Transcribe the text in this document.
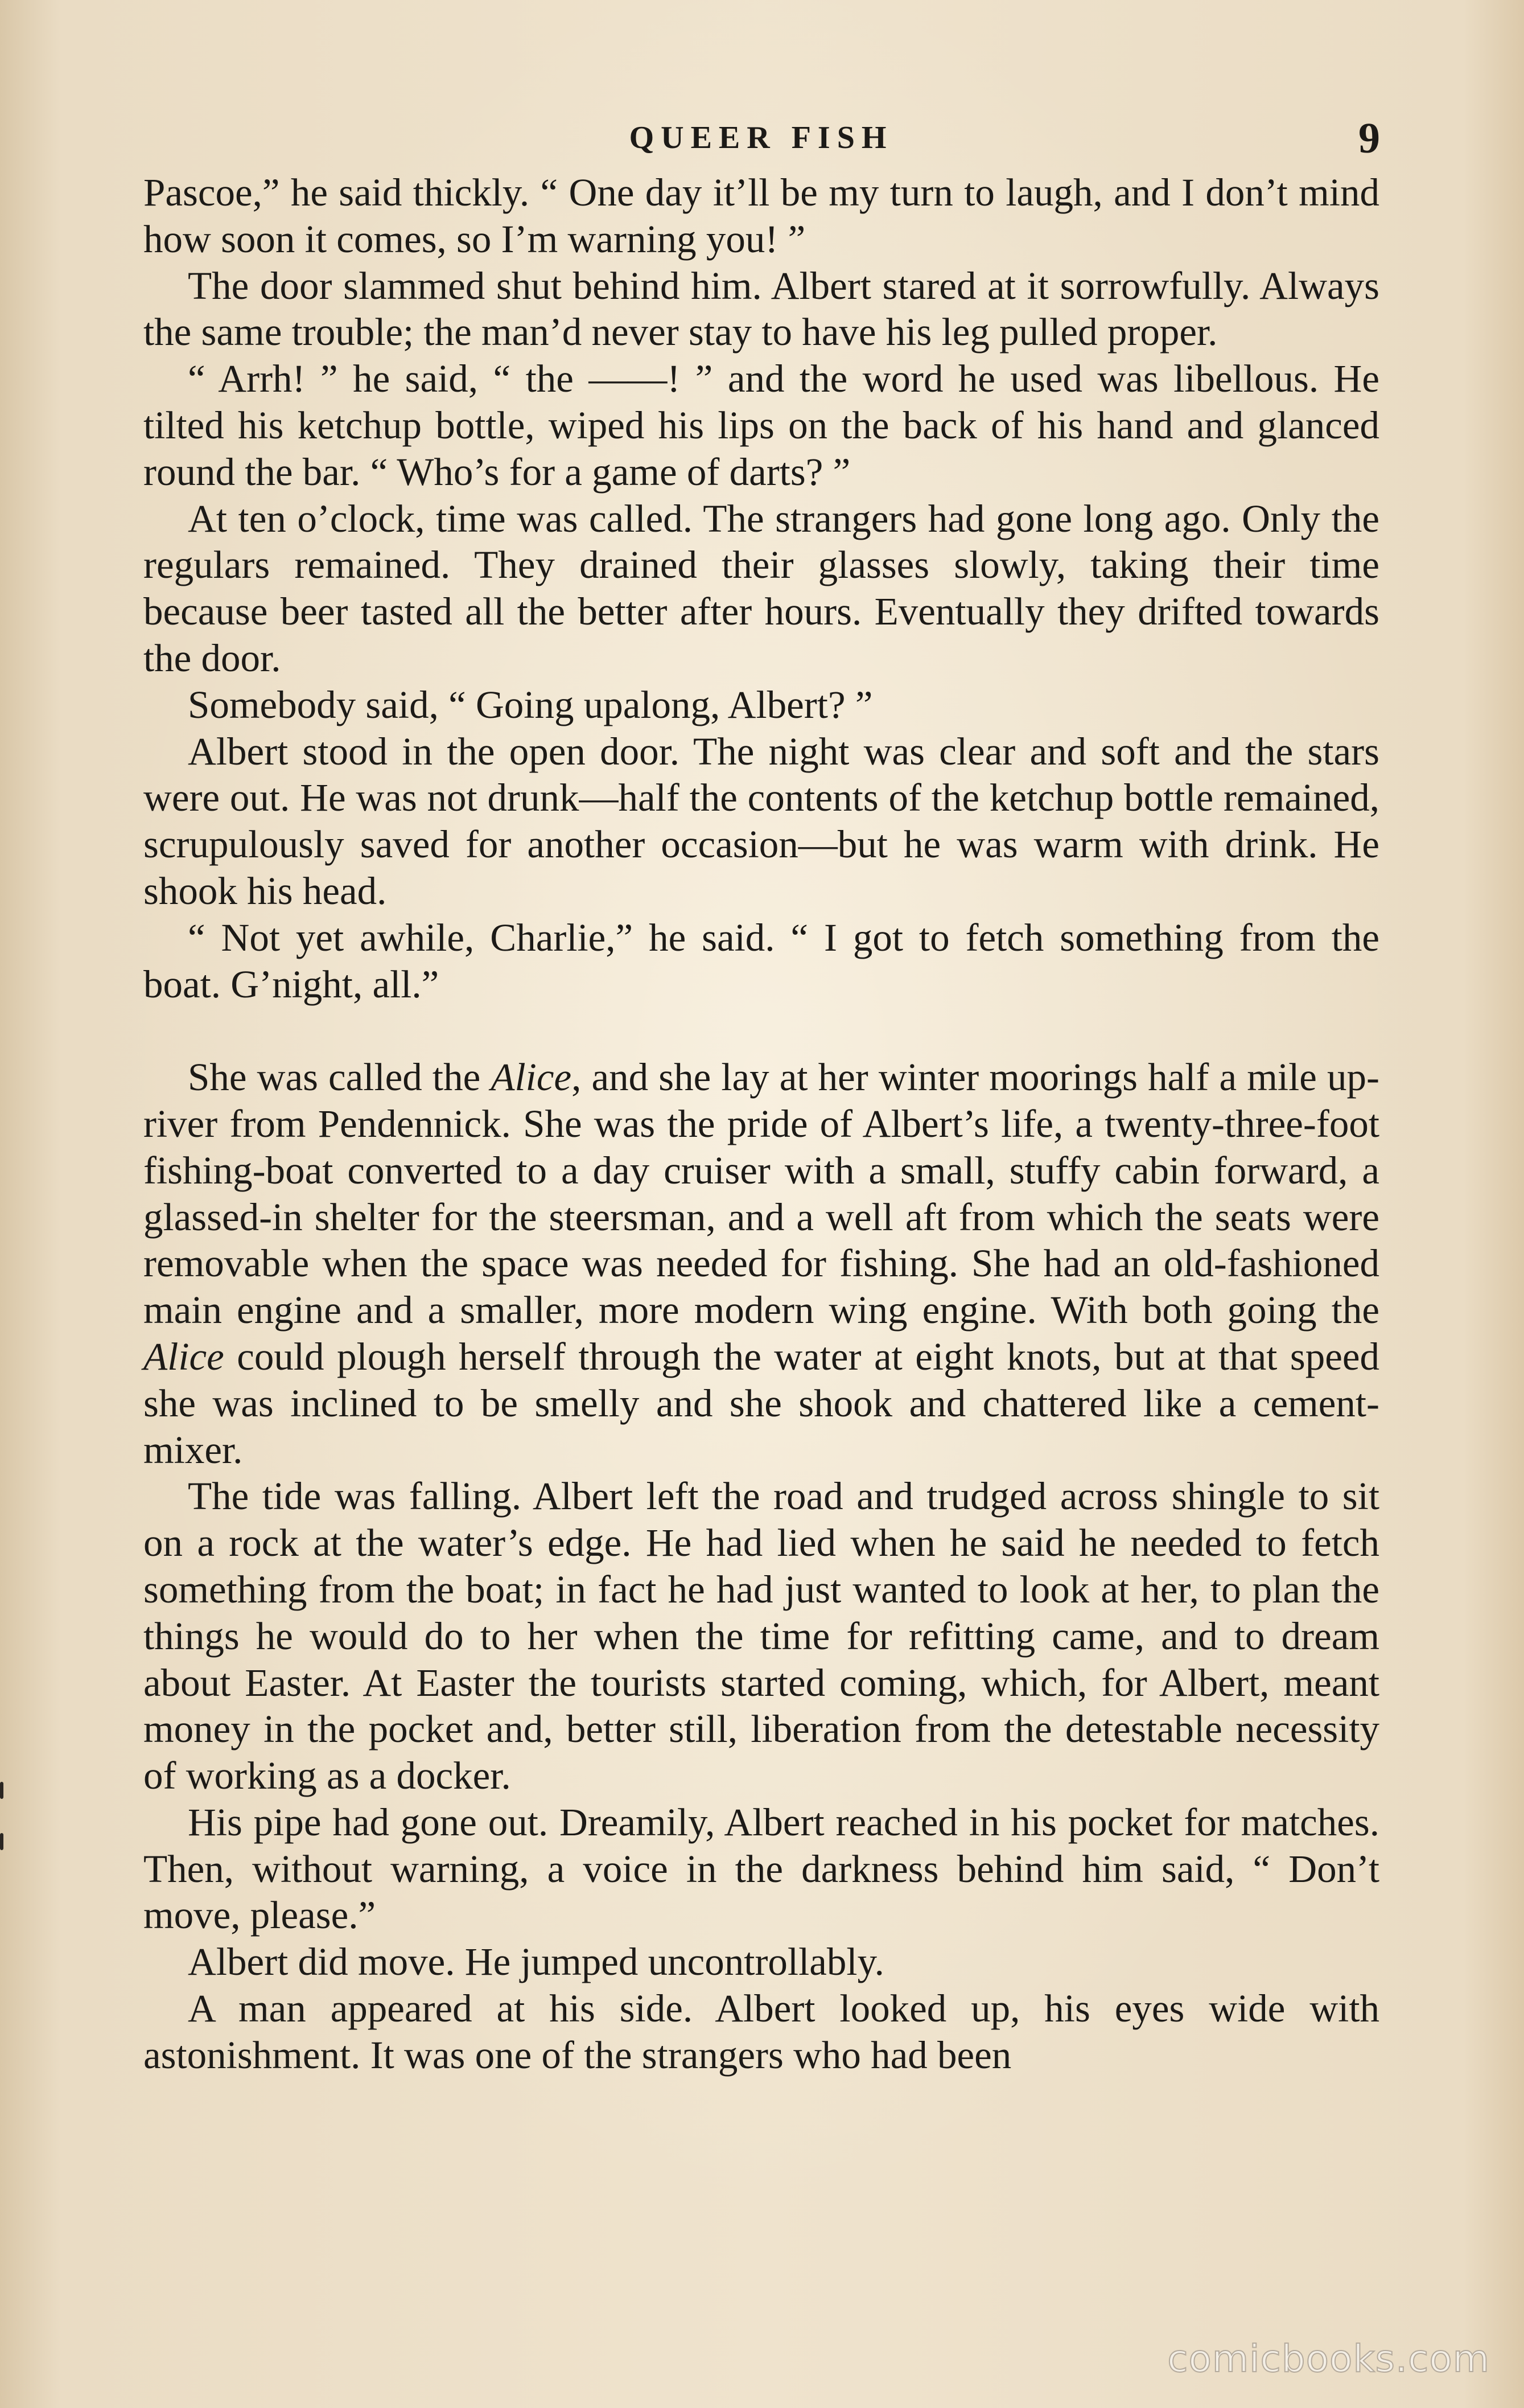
QUEER FISH	9

Pascoe,” he said thickly. “ One day it’ll be my turn to laugh, and I don’t mind how soon it comes, so I’m warning you! ”

The door slammed shut behind him. Albert stared at it sorrowfully. Always the same trouble; the man’d never stay to have his leg pulled proper.

“ Arrh! ” he said, “ the ——! ” and the word he used was libellous. He tilted his ketchup bottle, wiped his lips on the back of his hand and glanced round the bar. “ Who’s for a game of darts? ”

At ten o’clock, time was called. The strangers had gone long ago. Only the regulars remained. They drained their glasses slowly, taking their time because beer tasted all the better after hours. Eventually they drifted towards the door.

Somebody said, “ Going upalong, Albert? ”

Albert stood in the open door. The night was clear and soft and the stars were out. He was not drunk—half the contents of the ketchup bottle remained, scrupulously saved for another occasion—but he was warm with drink. He shook his head.

“ Not yet awhile, Charlie,” he said. “ I got to fetch something from the boat. G’night, all.”

She was called the Alice, and she lay at her winter moorings half a mile up-river from Pendennick. She was the pride of Albert’s life, a twenty-three-foot fishing-boat converted to a day cruiser with a small, stuffy cabin forward, a glassed-in shelter for the steersman, and a well aft from which the seats were removable when the space was needed for fishing. She had an old-fashioned main engine and a smaller, more modern wing engine. With both going the Alice could plough herself through the water at eight knots, but at that speed she was inclined to be smelly and she shook and chattered like a cement-mixer.

The tide was falling. Albert left the road and trudged across shingle to sit on a rock at the water’s edge. He had lied when he said he needed to fetch something from the boat; in fact he had just wanted to look at her, to plan the things he would do to her when the time for refitting came, and to dream about Easter. At Easter the tourists started coming, which, for Albert, meant money in the pocket and, better still, liberation from the detestable necessity of working as a docker.

His pipe had gone out. Dreamily, Albert reached in his pocket for matches. Then, without warning, a voice in the darkness behind him said, “ Don’t move, please.”

Albert did move. He jumped uncontrollably.

A man appeared at his side. Albert looked up, his eyes wide with astonishment. It was one of the strangers who had been

comicbooks.com
